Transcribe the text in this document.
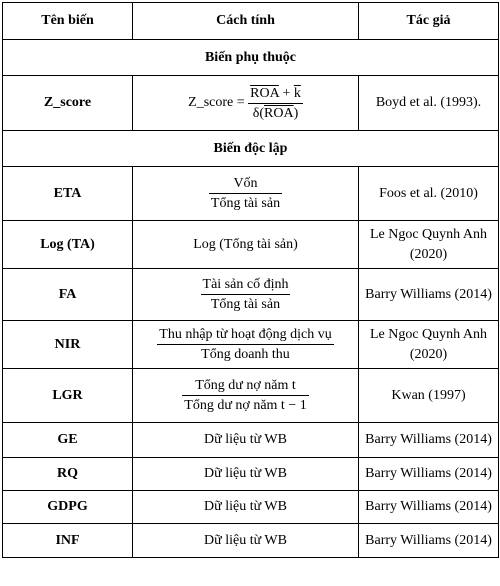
Tên biến	Cách tính	Tác giả
Biến phụ thuộc		
Z_score	Z_score = $\frac{\overline{ROA} + \overline{k}}{\delta(\overline{ROA})}$	Boyd et al. (1993).
Biến độc lập		
ETA	$\frac{\text{Vốn}}{\text{Tổng tài sản}}$	Foos et al. (2010)
Log (TA)	Log (Tổng tài sản)	Le Ngoc Quynh Anh (2020)
FA	$\frac{\text{Tài sản cố định}}{\text{Tổng tài sản}}$	Barry Williams (2014)
NIR	$\frac{\text{Thu nhập từ hoạt động dịch vụ}}{\text{Tổng doanh thu}}$	Le Ngoc Quynh Anh (2020)
LGR	$\frac{\text{Tổng dư nợ năm t}}{\text{Tổng dư nợ năm t − 1}}$	Kwan (1997)
GE	Dữ liệu từ WB	Barry Williams (2014)
RQ	Dữ liệu từ WB	Barry Williams (2014)
GDPG	Dữ liệu từ WB	Barry Williams (2014)
INF	Dữ liệu từ WB	Barry Williams (2014)
